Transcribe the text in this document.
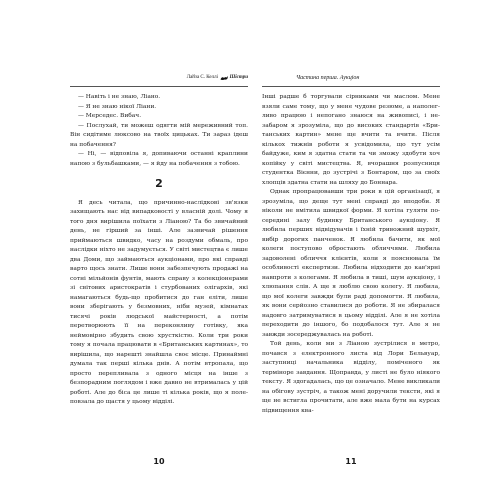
Лайза С. Келлі Шістри

— Навіть і не знаю, Ліано.

— Я не знаю нікої Ліани.

— Мерседес. Вибач.

— Послухай, ти можеш одягти мій мереживний топ. Він сидітиме люксово на твоїх цицьках. Ти зараз ідеш на побачення?

— Ні, — відповіла я, допиваючи останні краплини напою з бульбашками, — я йду на побачення з тобою.

2

Я десь читала, що причинно-наслідкові зв'язки захищають нас від випадковості у власній долі. Чому я того дня вирішила поїхати з Ліаною? Та бо звичайний день, не гірший за інші. Але зазвичай рішення приймаються швидко, часу на роздуми обмаль, про наслідки ніхто не задумується. У світі мистецтва є лише два Доми, що займаються аукціонами, про які справді варто щось знати. Лише вони забезпечують продажі на сотні мільйонів фунтів, мають справу з колекціонерами зі світових аристократів і стурбованих олігархів, які намагаються будь-що пробитися до ган еліти, лише вони зберігають у безмовних, ніби музей, кімнатах тисячі років людської майстерності, а потім перетворюють її на переконливу готівку, яка неймовірно збудить свою хрусткістю. Коли три роки тому я почала працювати в «Британських картинах», то вирішила, що нарешті знайшла своє місце. Принаймні думала так перші кілька днів. А потім втропала, що просто перепливала з одного місця на інше з безпорадним поглядом і вже давно не втрималась у цій роботі. Але до біса це лише ті кілька років, що я полеповзала до щастя у цьому відділі.

10
Частина перша. Аукціон

Інші радше б торгували сірниками чи маслом. Мене взяли саме тому, що у мене чудове резюме, а наполегливо працюю і непогано знаюся на живописі, і незабаром я зрозуміла, що до високих стандартів «Британських картин» мене ще вчити та вчити. Після кількох тижнів роботи я усвідомила, що тут усім байдуже, ким я здатна стати та чи зможу здобути хоч копійку у світі мистецтва. Я, вчорашня розпусниця студентка Вієнни, до зустрічі з Бонтаром, що за своїх хлопців здатна стати на шляху до Боннара.

Однак пропрацювавши три роки в цій організації, я зрозуміла, що деще тут мені справді до вподоби. Я ніколи не вмітила швидкої форми. Я хотіла гуляти посередині залу будинку Британського аукціону. Я любила перших відвідувачів і їхній тривожний шурхіт, вибір дорогих панченок. Я любила бачити, як мої колеги поступово обростають обличчями. Любила задоволені обличчя клієнтів, коли я пояснювала їм особливості експертизи. Любила відходити до кав'ярні навпроти з колегами. Я любила в тиші, шум аукціону, і хлюпання слів. А ще я люблю свою колегу. Я любила, що мої колеги завжди були раді допомогти. Я любила, як вони серйозно ставилися до роботи. Я не збиралася надовго затримуватися в цьому відділі. Але я не хотіла переходити до іншого, бо подобалося тут. Але я не завжди зосереджувалась на роботі.

Той день, коли ми з Ліаною зустрілися в метро, почався з електронного листа від Лори Бельвуар, заступниці начальника відділу, поміченого як терміноре завдання. Щоправда, у листі не було ніякого тексту. Я здогадалась, що це означало. Мене викликали на обігову зустріч, а також мені доручили тексти, які я ще не встигла прочитати, але вже мала бути на курсах підвищення ква-

11
